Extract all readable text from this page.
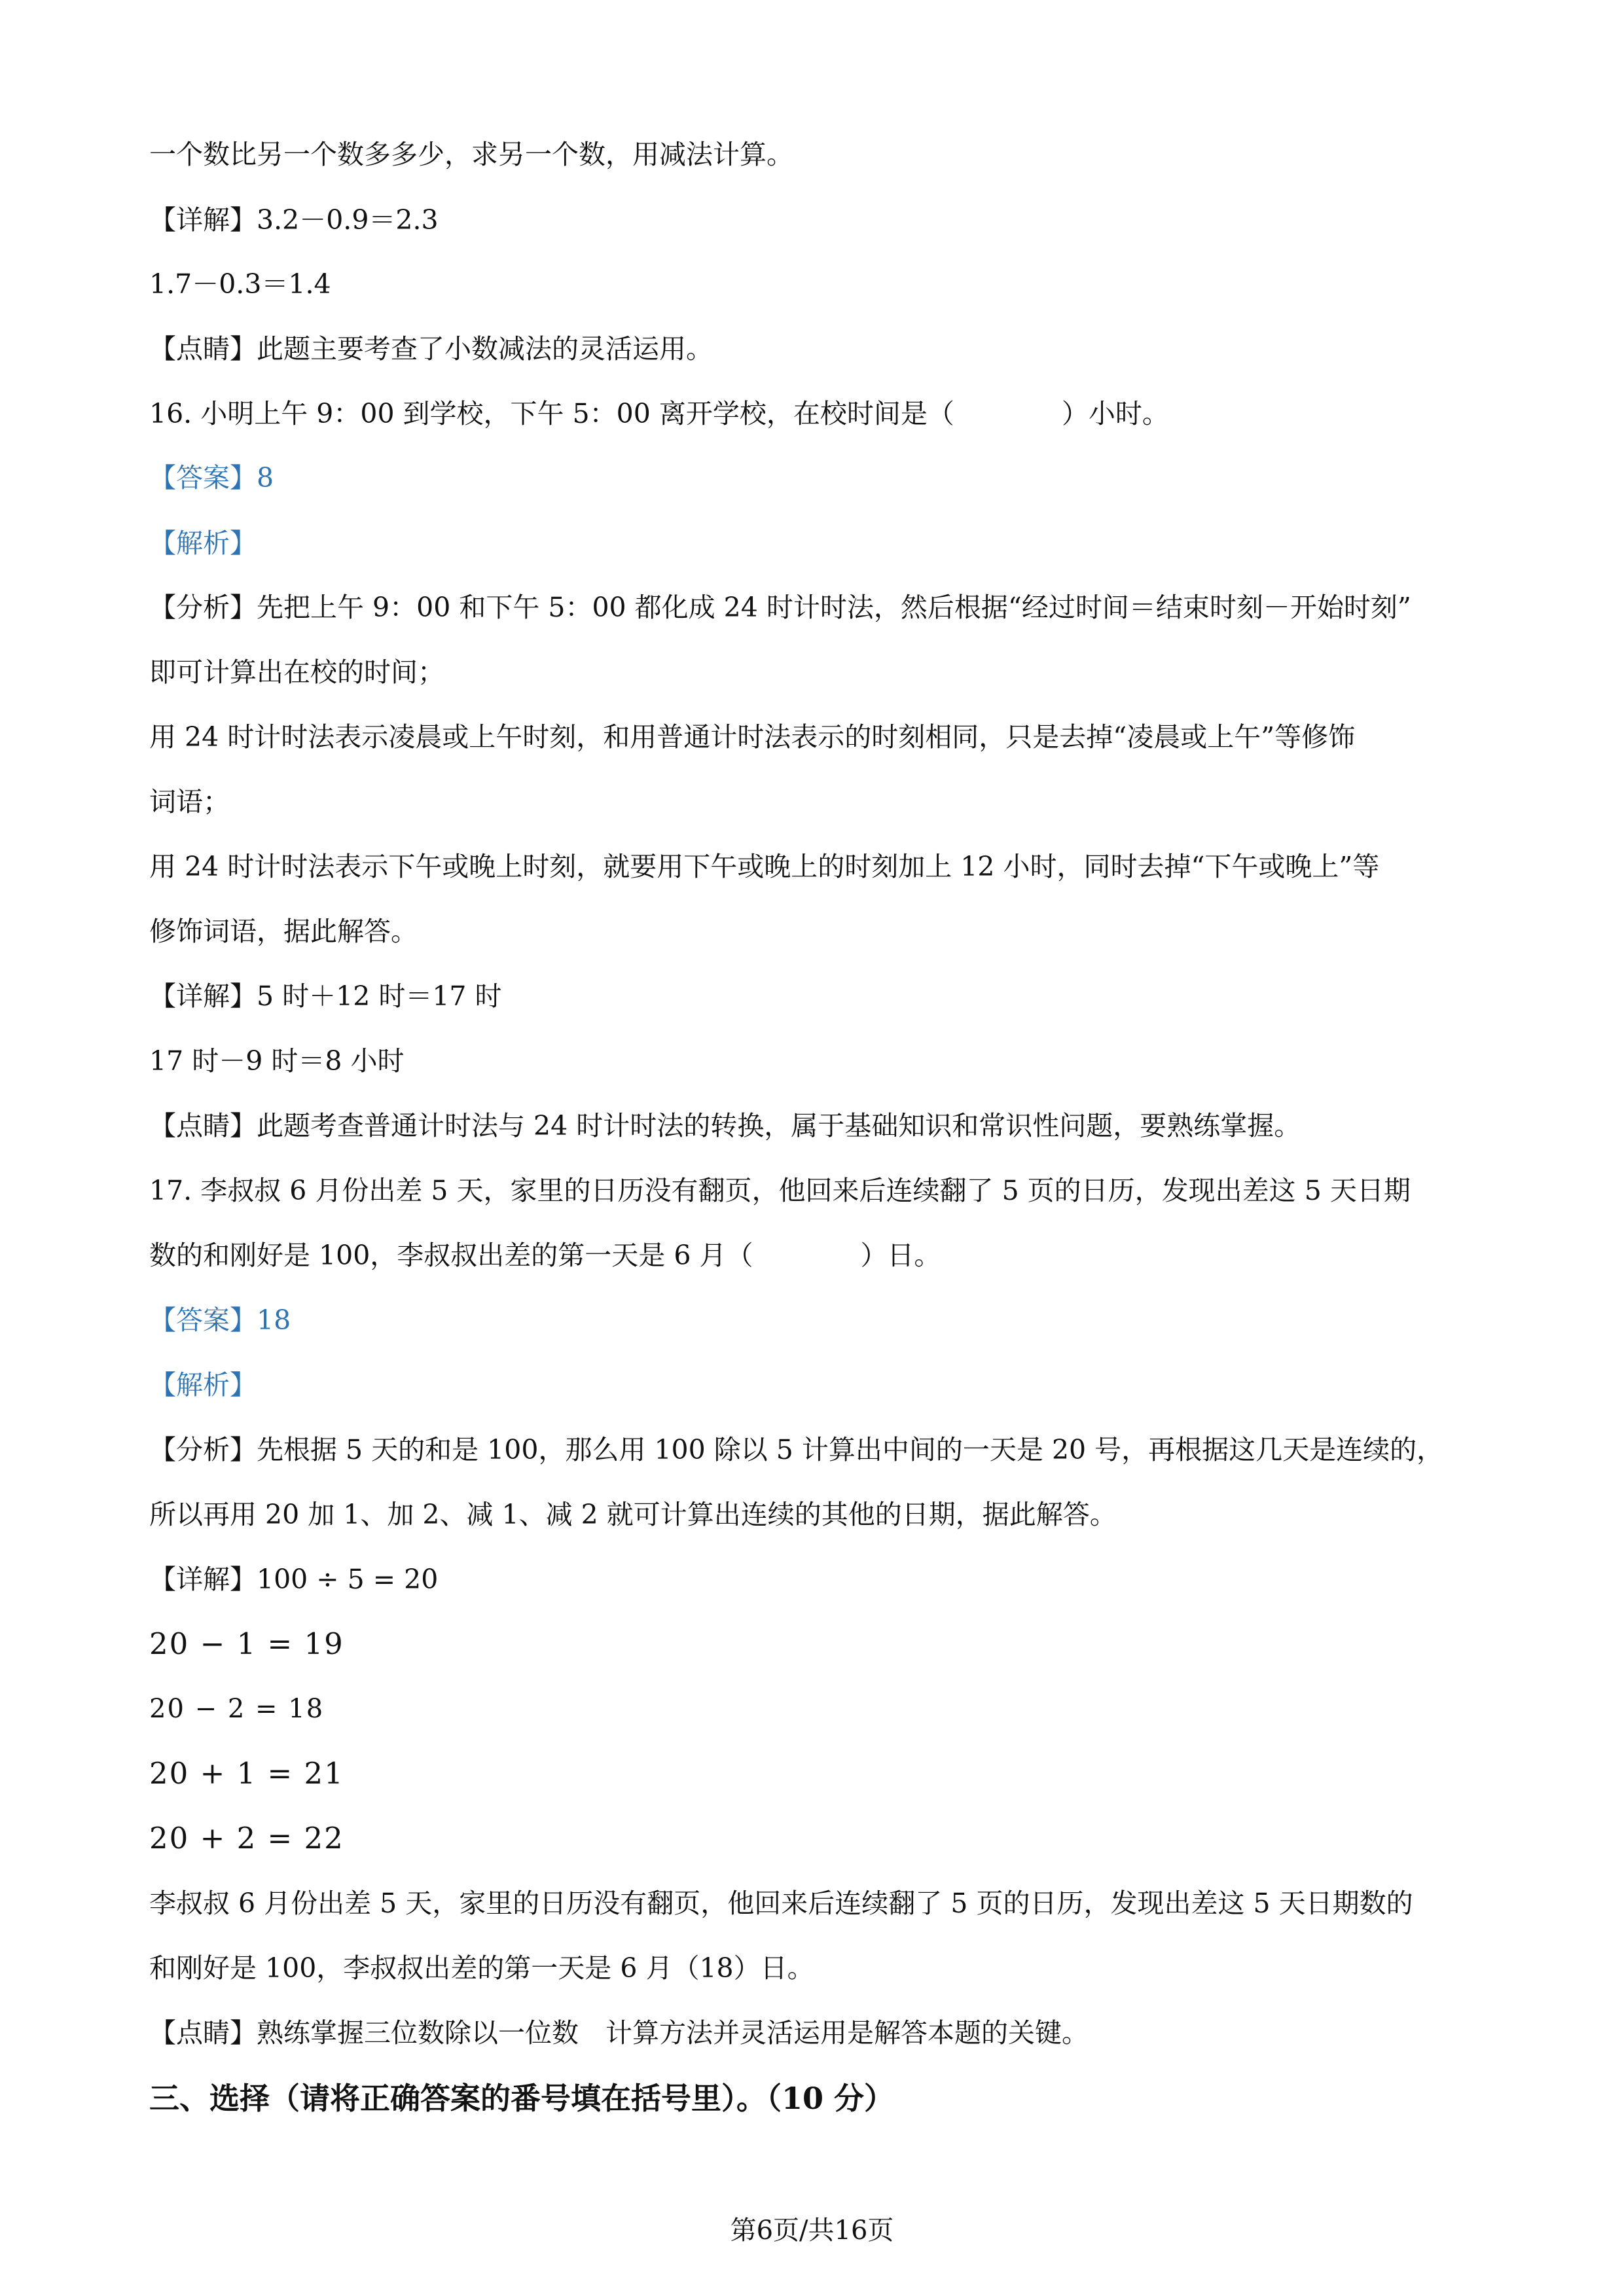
一个数比另一个数多多少，求另一个数，用减法计算。
【详解】3.2－0.9＝2.3
1.7－0.3＝1.4
【点睛】此题主要考查了小数减法的灵活运用。
16. 小明上午 9：00 到学校，下午 5：00 离开学校，在校时间是（　　　　）小时。
【答案】8
【解析】
【分析】先把上午 9：00 和下午 5：00 都化成 24 时计时法，然后根据“经过时间＝结束时刻－开始时刻”
即可计算出在校的时间；
用 24 时计时法表示凌晨或上午时刻，和用普通计时法表示的时刻相同，只是去掉“凌晨或上午”等修饰
词语；
用 24 时计时法表示下午或晚上时刻，就要用下午或晚上的时刻加上 12 小时，同时去掉“下午或晚上”等
修饰词语，据此解答。
【详解】5 时＋12 时＝17 时
17 时－9 时＝8 小时
【点睛】此题考查普通计时法与 24 时计时法的转换，属于基础知识和常识性问题，要熟练掌握。
17. 李叔叔 6 月份出差 5 天，家里的日历没有翻页，他回来后连续翻了 5 页的日历，发现出差这 5 天日期
数的和刚好是 100，李叔叔出差的第一天是 6 月（　　　　）日。
【答案】18
【解析】
【分析】先根据 5 天的和是 100，那么用 100 除以 5 计算出中间的一天是 20 号，再根据这几天是连续的，
所以再用 20 加 1、加 2、减 1、减 2 就可计算出连续的其他的日期，据此解答。
【详解】100 ÷ 5 = 20
20 − 1 = 19
20 − 2 = 18
20 + 1 = 21
20 + 2 = 22
李叔叔 6 月份出差 5 天，家里的日历没有翻页，他回来后连续翻了 5 页的日历，发现出差这 5 天日期数的
和刚好是 100，李叔叔出差的第一天是 6 月（18）日。
【点睛】熟练掌握三位数除以一位数　计算方法并灵活运用是解答本题的关键。
三、选择（请将正确答案的番号填在括号里）。（10 分）
第6页/共16页
